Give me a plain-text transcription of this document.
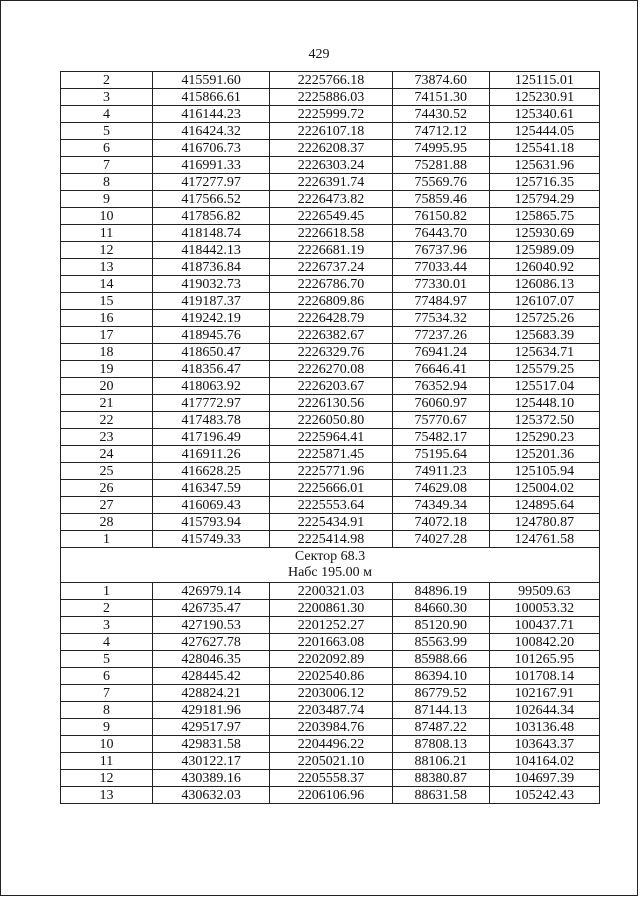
429
2	415591.60	2225766.18	73874.60	125115.01
3	415866.61	2225886.03	74151.30	125230.91
4	416144.23	2225999.72	74430.52	125340.61
5	416424.32	2226107.18	74712.12	125444.05
6	416706.73	2226208.37	74995.95	125541.18
7	416991.33	2226303.24	75281.88	125631.96
8	417277.97	2226391.74	75569.76	125716.35
9	417566.52	2226473.82	75859.46	125794.29
10	417856.82	2226549.45	76150.82	125865.75
11	418148.74	2226618.58	76443.70	125930.69
12	418442.13	2226681.19	76737.96	125989.09
13	418736.84	2226737.24	77033.44	126040.92
14	419032.73	2226786.70	77330.01	126086.13
15	419187.37	2226809.86	77484.97	126107.07
16	419242.19	2226428.79	77534.32	125725.26
17	418945.76	2226382.67	77237.26	125683.39
18	418650.47	2226329.76	76941.24	125634.71
19	418356.47	2226270.08	76646.41	125579.25
20	418063.92	2226203.67	76352.94	125517.04
21	417772.97	2226130.56	76060.97	125448.10
22	417483.78	2226050.80	75770.67	125372.50
23	417196.49	2225964.41	75482.17	125290.23
24	416911.26	2225871.45	75195.64	125201.36
25	416628.25	2225771.96	74911.23	125105.94
26	416347.59	2225666.01	74629.08	125004.02
27	416069.43	2225553.64	74349.34	124895.64
28	415793.94	2225434.91	74072.18	124780.87
1	415749.33	2225414.98	74027.28	124761.58

Сектор 68.3
Набс 195.00 м				

1	426979.14	2200321.03	84896.19	99509.63
2	426735.47	2200861.30	84660.30	100053.32
3	427190.53	2201252.27	85120.90	100437.71
4	427627.78	2201663.08	85563.99	100842.20
5	428046.35	2202092.89	85988.66	101265.95
6	428445.42	2202540.86	86394.10	101708.14
7	428824.21	2203006.12	86779.52	102167.91
8	429181.96	2203487.74	87144.13	102644.34
9	429517.97	2203984.76	87487.22	103136.48
10	429831.58	2204496.22	87808.13	103643.37
11	430122.17	2205021.10	88106.21	104164.02
12	430389.16	2205558.37	88380.87	104697.39
13	430632.03	2206106.96	88631.58	105242.43
